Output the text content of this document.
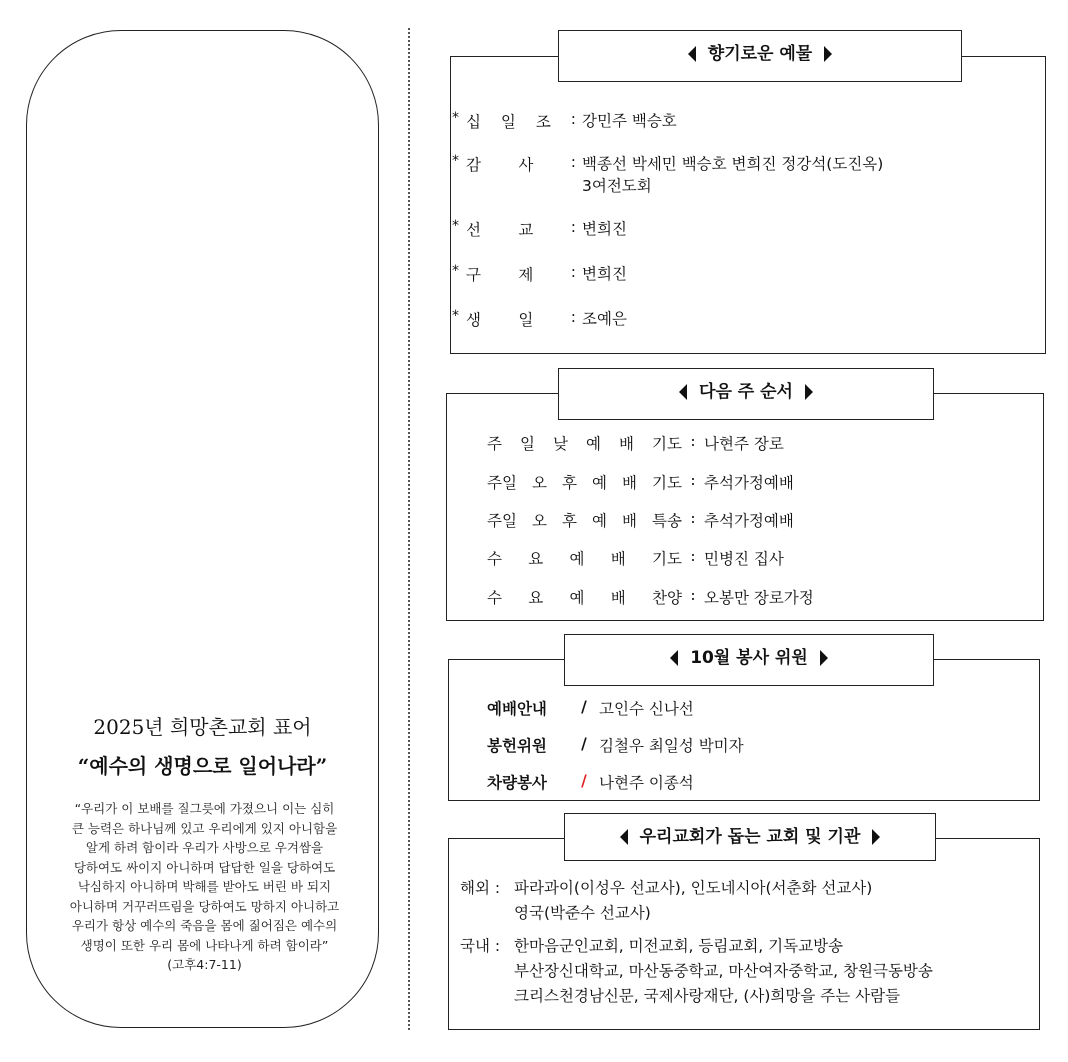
2025년 희망촌교회 표어
“예수의 생명으로 일어나라”
“우리가 이 보배를 질그릇에 가졌으니 이는 심히
큰 능력은 하나님께 있고 우리에게 있지 아니함을
알게 하려 함이라 우리가 사방으로 우겨쌈을
당하여도 싸이지 아니하며 답답한 일을 당하여도
낙심하지 아니하며 박해를 받아도 버린 바 되지
아니하며 거꾸러뜨림을 당하여도 망하지 아니하고
우리가 항상 예수의 죽음을 몸에 짊어짐은 예수의
생명이 또한 우리 몸에 나타나게 하려 함이라”
(고후4:7-11)
향기로운 예물
* 십 일 조 : 강민주 백승호
* 감 사 : 백종선 박세민 백승호 변희진 정강석(도진옥)
3여전도회
* 선 교 : 변희진
* 구 제 : 변희진
* 생 일 : 조예은
다음 주 순서
주 일 낮 예 배 기도 : 나현주 장로
주일 오 후 예 배 기도 : 추석가정예배
주일 오 후 예 배 특송 : 추석가정예배
수 요 예 배 기도 : 민병진 집사
수 요 예 배 찬양 : 오봉만 장로가정
10월 봉사 위원
예배안내	/ 고인수 신나선
봉헌위원	/ 김철우 최일성 박미자
차량봉사	/ 나현주 이종석
우리교회가 돕는 교회 및 기관
해외 : 파라과이(이성우 선교사), 인도네시아(서춘화 선교사)
영국(박준수 선교사)
국내 : 한마음군인교회, 미전교회, 등림교회, 기독교방송
부산장신대학교, 마산동중학교, 마산여자중학교, 창원극동방송
크리스천경남신문, 국제사랑재단, (사)희망을 주는 사람들
